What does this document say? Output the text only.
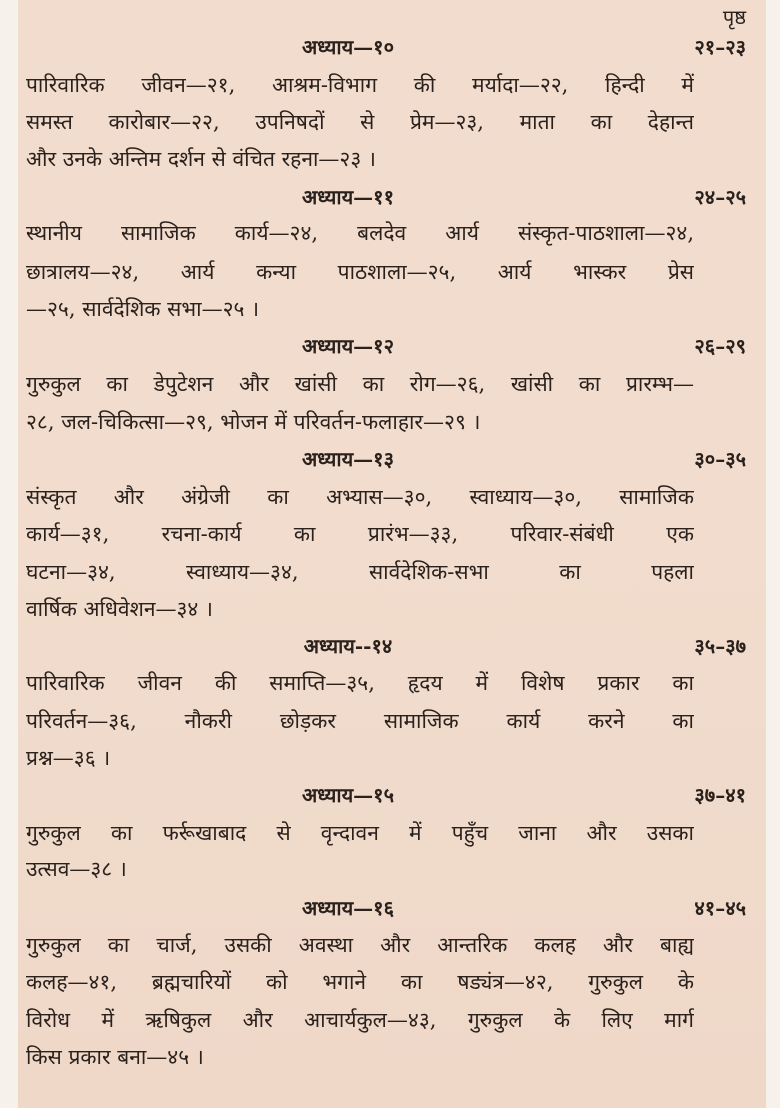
पृष्ठ
अध्याय—१०	२१–२३
पारिवारिक जीवन—२१, आश्रम-विभाग की मर्यादा—२२, हिन्दी में
समस्त कारोबार—२२, उपनिषदों से प्रेम—२३, माता का देहान्त
और उनके अन्तिम दर्शन से वंचित रहना—२३ ।
अध्याय—११	२४–२५
स्थानीय सामाजिक कार्य—२४, बलदेव आर्य संस्कृत-पाठशाला—२४,
छात्रालय—२४, आर्य कन्या पाठशाला—२५, आर्य भास्कर प्रेस
—२५, सार्वदेशिक सभा—२५ ।
अध्याय—१२	२६–२९
गुरुकुल का डेपुटेशन और खांसी का रोग—२६, खांसी का प्रारम्भ—
२८, जल-चिकित्सा—२९, भोजन में परिवर्तन-फलाहार—२९ ।
अध्याय—१३	३०–३५
संस्कृत और अंग्रेजी का अभ्यास—३०, स्वाध्याय—३०, सामाजिक
कार्य—३१, रचना-कार्य का प्रारंभ—३३, परिवार-संबंधी एक
घटना—३४, स्वाध्याय—३४, सार्वदेशिक-सभा का पहला
वार्षिक अधिवेशन—३४ ।
अध्याय--१४	३५–३७
पारिवारिक जीवन की समाप्ति—३५, हृदय में विशेष प्रकार का
परिवर्तन—३६, नौकरी छोड़कर सामाजिक कार्य करने का
प्रश्न—३६ ।
अध्याय—१५	३७–४१
गुरुकुल का फर्रूखाबाद से वृन्दावन में पहुँच जाना और उसका
उत्सव—३८ ।
अध्याय—१६	४१–४५
गुरुकुल का चार्ज, उसकी अवस्था और आन्तरिक कलह और बाह्य
कलह—४१, ब्रह्मचारियों को भगाने का षड्यंत्र—४२, गुरुकुल के
विरोध में ऋषिकुल और आचार्यकुल—४३, गुरुकुल के लिए मार्ग
किस प्रकार बना—४५ ।
